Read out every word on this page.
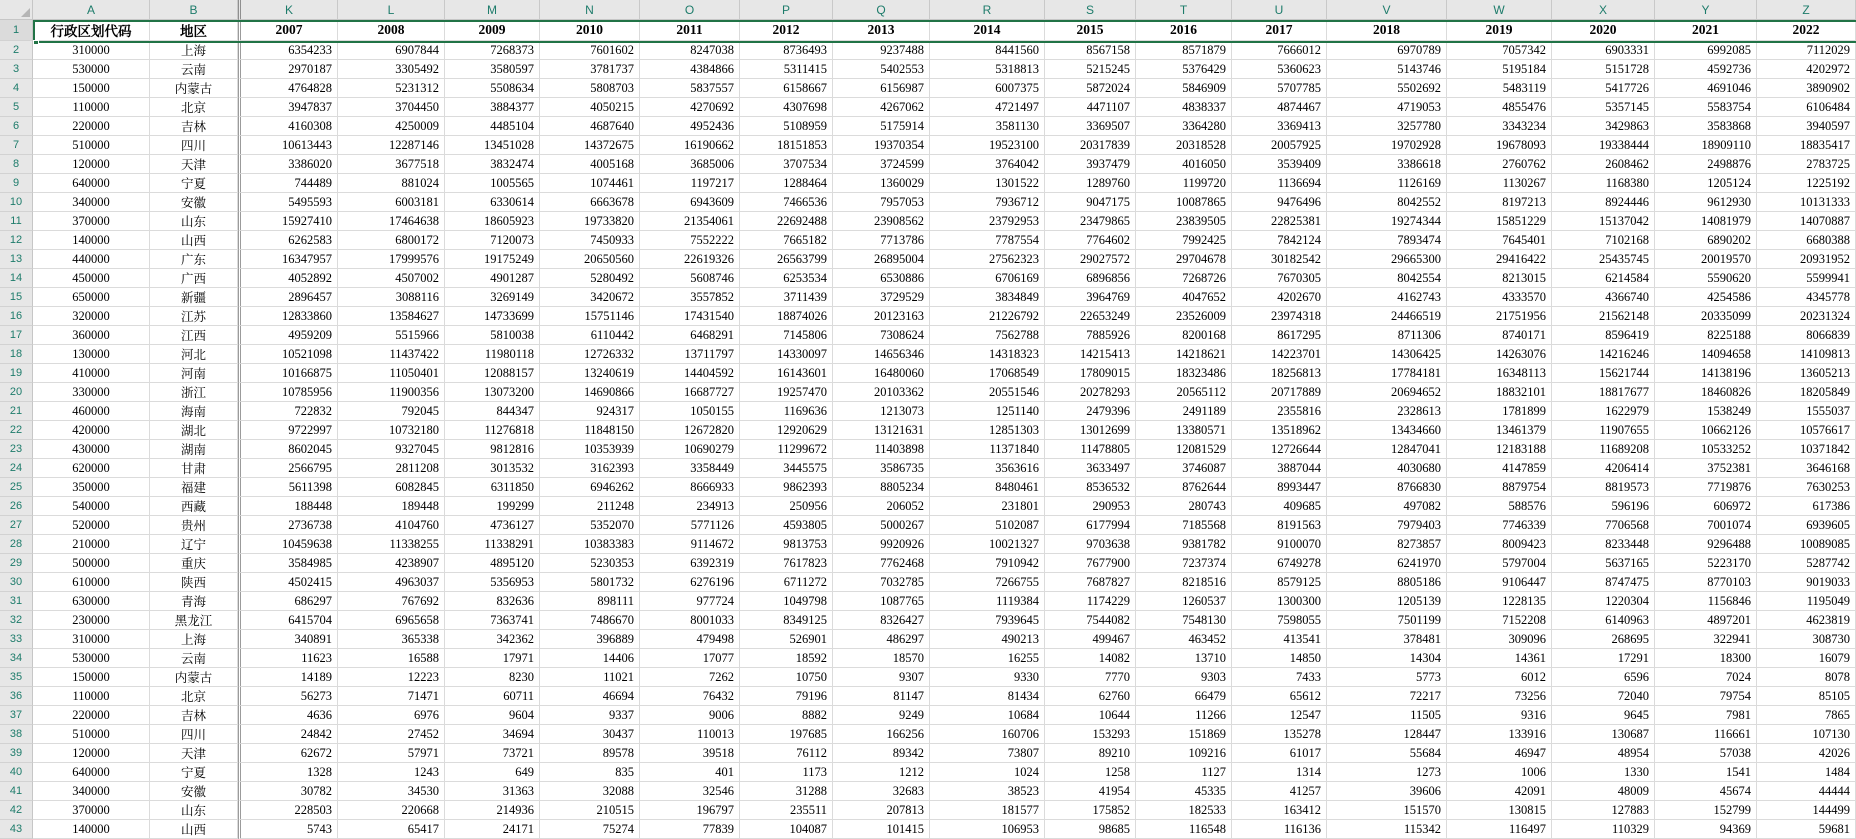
A	B	K	L	M	N	O	P	Q	R	S	T	U	V	W	X	Y	Z
1	行政区划代码	地区	2007	2008	2009	2010	2011	2012	2013	2014	2015	2016	2017	2018	2019	2020	2021	2022
2	310000	上海	6354233	6907844	7268373	7601602	8247038	8736493	9237488	8441560	8567158	8571879	7666012	6970789	7057342	6903331	6992085	7112029
3	530000	云南	2970187	3305492	3580597	3781737	4384866	5311415	5402553	5318813	5215245	5376429	5360623	5143746	5195184	5151728	4592736	4202972
4	150000	内蒙古	4764828	5231312	5508634	5808703	5837557	6158667	6156987	6007375	5872024	5846909	5707785	5502692	5483119	5417726	4691046	3890902
5	110000	北京	3947837	3704450	3884377	4050215	4270692	4307698	4267062	4721497	4471107	4838337	4874467	4719053	4855476	5357145	5583754	6106484
6	220000	吉林	4160308	4250009	4485104	4687640	4952436	5108959	5175914	3581130	3369507	3364280	3369413	3257780	3343234	3429863	3583868	3940597
7	510000	四川	10613443	12287146	13451028	14372675	16190662	18151853	19370354	19523100	20317839	20318528	20057925	19702928	19678093	19338444	18909110	18835417
8	120000	天津	3386020	3677518	3832474	4005168	3685006	3707534	3724599	3764042	3937479	4016050	3539409	3386618	2760762	2608462	2498876	2783725
9	640000	宁夏	744489	881024	1005565	1074461	1197217	1288464	1360029	1301522	1289760	1199720	1136694	1126169	1130267	1168380	1205124	1225192
10	340000	安徽	5495593	6003181	6330614	6663678	6943609	7466536	7957053	7936712	9047175	10087865	9476496	8042552	8197213	8924446	9612930	10131333
11	370000	山东	15927410	17464638	18605923	19733820	21354061	22692488	23908562	23792953	23479865	23839505	22825381	19274344	15851229	15137042	14081979	14070887
12	140000	山西	6262583	6800172	7120073	7450933	7552222	7665182	7713786	7787554	7764602	7992425	7842124	7893474	7645401	7102168	6890202	6680388
13	440000	广东	16347957	17999576	19175249	20650560	22619326	26563799	26895004	27562323	29027572	29704678	30182542	29665300	29416422	25435745	20019570	20931952
14	450000	广西	4052892	4507002	4901287	5280492	5608746	6253534	6530886	6706169	6896856	7268726	7670305	8042554	8213015	6214584	5590620	5599941
15	650000	新疆	2896457	3088116	3269149	3420672	3557852	3711439	3729529	3834849	3964769	4047652	4202670	4162743	4333570	4366740	4254586	4345778
16	320000	江苏	12833860	13584627	14733699	15751146	17431540	18874026	20123163	21226792	22653249	23526009	23974318	24466519	21751956	21562148	20335099	20231324
17	360000	江西	4959209	5515966	5810038	6110442	6468291	7145806	7308624	7562788	7885926	8200168	8617295	8711306	8740171	8596419	8225188	8066839
18	130000	河北	10521098	11437422	11980118	12726332	13711797	14330097	14656346	14318323	14215413	14218621	14223701	14306425	14263076	14216246	14094658	14109813
19	410000	河南	10166875	11050401	12088157	13240619	14404592	16143601	16480060	17068549	17809015	18323486	18256813	17784181	16348113	15621744	14138196	13605213
20	330000	浙江	10785956	11900356	13073200	14690866	16687727	19257470	20103362	20551546	20278293	20565112	20717889	20694652	18832101	18817677	18460826	18205849
21	460000	海南	722832	792045	844347	924317	1050155	1169636	1213073	1251140	2479396	2491189	2355816	2328613	1781899	1622979	1538249	1555037
22	420000	湖北	9722997	10732180	11276818	11848150	12672820	12920629	13121631	12851303	13012699	13380571	13518962	13434660	13461379	11907655	10662126	10576617
23	430000	湖南	8602045	9327045	9812816	10353939	10690279	11299672	11403898	11371840	11478805	12081529	12726644	12847041	12183188	11689208	10533252	10371842
24	620000	甘肃	2566795	2811208	3013532	3162393	3358449	3445575	3586735	3563616	3633497	3746087	3887044	4030680	4147859	4206414	3752381	3646168
25	350000	福建	5611398	6082845	6311850	6946262	8666933	9862393	8805234	8480461	8536532	8762644	8993447	8766830	8879754	8819573	7719876	7630253
26	540000	西藏	188448	189448	199299	211248	234913	250956	206052	231801	290953	280743	409685	497082	588576	596196	606972	617386
27	520000	贵州	2736738	4104760	4736127	5352070	5771126	4593805	5000267	5102087	6177994	7185568	8191563	7979403	7746339	7706568	7001074	6939605
28	210000	辽宁	10459638	11338255	11338291	10383383	9114672	9813753	9920926	10021327	9703638	9381782	9100070	8273857	8009423	8233448	9296488	10089085
29	500000	重庆	3584985	4238907	4895120	5230353	6392319	7617823	7762468	7910942	7677900	7237374	6749278	6241970	5797004	5637165	5223170	5287742
30	610000	陕西	4502415	4963037	5356953	5801732	6276196	6711272	7032785	7266755	7687827	8218516	8579125	8805186	9106447	8747475	8770103	9019033
31	630000	青海	686297	767692	832636	898111	977724	1049798	1087765	1119384	1174229	1260537	1300300	1205139	1228135	1220304	1156846	1195049
32	230000	黑龙江	6415704	6965658	7363741	7486670	8001033	8349125	8326427	7939645	7544082	7548130	7598055	7501199	7152208	6140963	4897201	4623819
33	310000	上海	340891	365338	342362	396889	479498	526901	486297	490213	499467	463452	413541	378481	309096	268695	322941	308730
34	530000	云南	11623	16588	17971	14406	17077	18592	18570	16255	14082	13710	14850	14304	14361	17291	18300	16079
35	150000	内蒙古	14189	12223	8230	11021	7262	10750	9307	9330	7770	9303	7433	5773	6012	6596	7024	8078
36	110000	北京	56273	71471	60711	46694	76432	79196	81147	81434	62760	66479	65612	72217	73256	72040	79754	85105
37	220000	吉林	4636	6976	9604	9337	9006	8882	9249	10684	10644	11266	12547	11505	9316	9645	7981	7865
38	510000	四川	24842	27452	34694	30437	110013	197685	166256	160706	153293	151869	135278	128447	133916	130687	116661	107130
39	120000	天津	62672	57971	73721	89578	39518	76112	89342	73807	89210	109216	61017	55684	46947	48954	57038	42026
40	640000	宁夏	1328	1243	649	835	401	1173	1212	1024	1258	1127	1314	1273	1006	1330	1541	1484
41	340000	安徽	30782	34530	31363	32088	32546	31288	32683	38523	41954	45335	41257	39606	42091	48009	45674	44444
42	370000	山东	228503	220668	214936	210515	196797	235511	207813	181577	175852	182533	163412	151570	130815	127883	152799	144499
43	140000	山西	5743	65417	24171	75274	77839	104087	101415	106953	98685	116548	116136	115342	116497	110329	94369	59681
